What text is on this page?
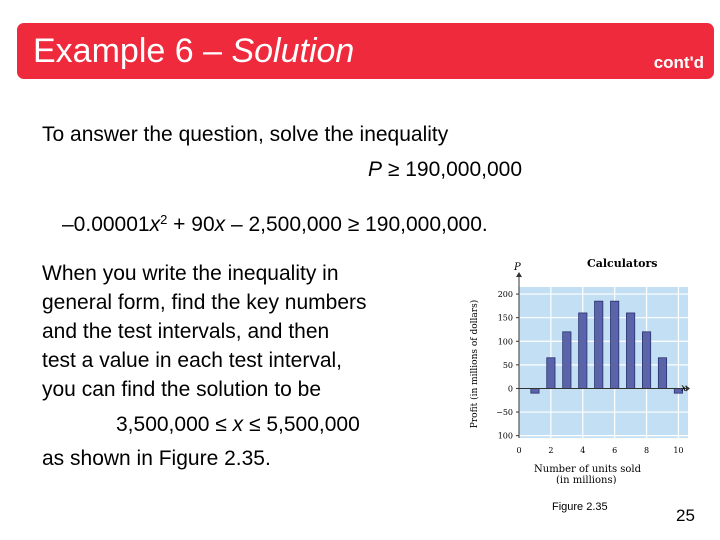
Example 6 – Solution	cont'd
To answer the question, solve the inequality
P ≥ 190,000,000
$-0.00001x^2 + 90x - 2,500,000 \ge 190,000,000$.
When you write the inequality in
general form, find the key numbers
and the test intervals, and then
test a value in each test interval,
you can find the solution to be
3,500,000 ≤ x ≤ 5,500,000
as shown in Figure 2.35.
200
150
100
50
0
−50
100
0	2	4	6	8	10
Calculators
P
x
Number of units sold
(in millions)
Profit (in millions of dollars)
Figure 2.35	25
